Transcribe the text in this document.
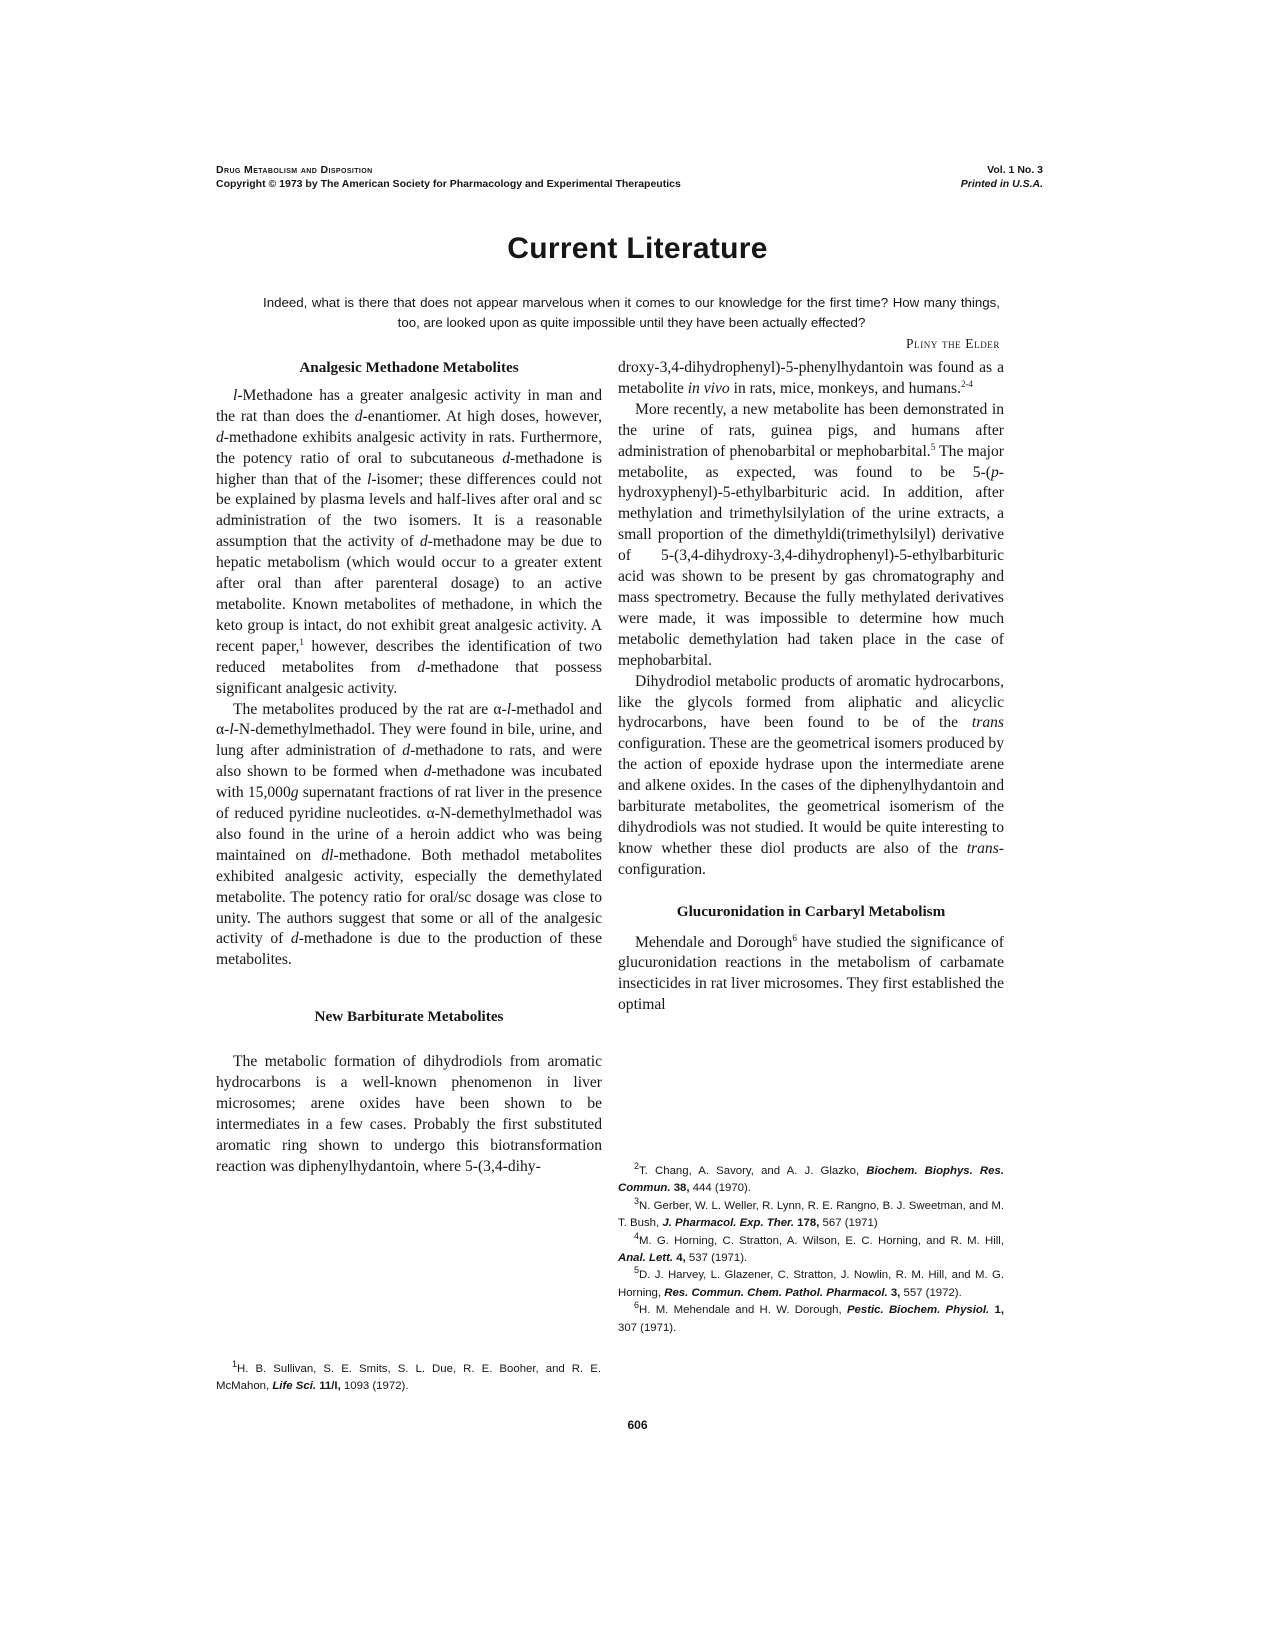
Drug Metabolism and Disposition
Copyright © 1973 by The American Society for Pharmacology and Experimental Therapeutics
Vol. 1 No. 3
Printed in U.S.A.
Current Literature
Indeed, what is there that does not appear marvelous when it comes to our knowledge for the first time? How many things, too, are looked upon as quite impossible until they have been actually effected?
Pliny the Elder
Analgesic Methadone Metabolites

l-Methadone has a greater analgesic activity in man and the rat than does the d-enantiomer. At high doses, however, d-methadone exhibits analgesic activity in rats. Furthermore, the potency ratio of oral to subcutaneous d-methadone is higher than that of the l-isomer; these differences could not be explained by plasma levels and half-lives after oral and sc administration of the two isomers. It is a reasonable assumption that the activity of d-methadone may be due to hepatic metabolism (which would occur to a greater extent after oral than after parenteral dosage) to an active metabolite. Known metabolites of methadone, in which the keto group is intact, do not exhibit great analgesic activity. A recent paper,$^1$ however, describes the identification of two reduced metabolites from d-methadone that possess significant analgesic activity.

The metabolites produced by the rat are α-l-methadol and α-l-N-demethylmethadol. They were found in bile, urine, and lung after administration of d-methadone to rats, and were also shown to be formed when d-methadone was incubated with 15,000g supernatant fractions of rat liver in the presence of reduced pyridine nucleotides. α-N-demethylmethadol was also found in the urine of a heroin addict who was being maintained on dl-methadone. Both methadol metabolites exhibited analgesic activity, especially the demethylated metabolite. The potency ratio for oral/sc dosage was close to unity. The authors suggest that some or all of the analgesic activity of d-methadone is due to the production of these metabolites.

New Barbiturate Metabolites

The metabolic formation of dihydrodiols from aromatic hydrocarbons is a well-known phenomenon in liver microsomes; arene oxides have been shown to be intermediates in a few cases. Probably the first substituted aromatic ring shown to undergo this biotransformation reaction was diphenylhydantoin, where 5-(3,4-dihy-

$^1$H. B. Sullivan, S. E. Smits, S. L. Due, R. E. Booher, and R. E. McMahon, Life Sci. 11/I, 1093 (1972).

droxy-3,4-dihydrophenyl)-5-phenylhydantoin was found as a metabolite in vivo in rats, mice, monkeys, and humans.$^{2-4}$

More recently, a new metabolite has been demonstrated in the urine of rats, guinea pigs, and humans after administration of phenobarbital or mephobarbital.$^5$ The major metabolite, as expected, was found to be 5-(p-hydroxyphenyl)-5-ethylbarbituric acid. In addition, after methylation and trimethylsilylation of the urine extracts, a small proportion of the dimethyldi(trimethylsilyl) derivative of 5-(3,4-dihydroxy-3,4-dihydrophenyl)-5-ethylbarbituric acid was shown to be present by gas chromatography and mass spectrometry. Because the fully methylated derivatives were made, it was impossible to determine how much metabolic demethylation had taken place in the case of mephobarbital.

Dihydrodiol metabolic products of aromatic hydrocarbons, like the glycols formed from aliphatic and alicyclic hydrocarbons, have been found to be of the trans configuration. These are the geometrical isomers produced by the action of epoxide hydrase upon the intermediate arene and alkene oxides. In the cases of the diphenylhydantoin and barbiturate metabolites, the geometrical isomerism of the dihydrodiols was not studied. It would be quite interesting to know whether these diol products are also of the trans-configuration.

Glucuronidation in Carbaryl Metabolism

Mehendale and Dorough$^6$ have studied the significance of glucuronidation reactions in the metabolism of carbamate insecticides in rat liver microsomes. They first established the optimal

$^2$T. Chang, A. Savory, and A. J. Glazko, Biochem. Biophys. Res. Commun. 38, 444 (1970).
$^3$N. Gerber, W. L. Weller, R. Lynn, R. E. Rangno, B. J. Sweetman, and M. T. Bush, J. Pharmacol. Exp. Ther. 178, 567 (1971)
$^4$M. G. Horning, C. Stratton, A. Wilson, E. C. Horning, and R. M. Hill, Anal. Lett. 4, 537 (1971).
$^5$D. J. Harvey, L. Glazener, C. Stratton, J. Nowlin, R. M. Hill, and M. G. Horning, Res. Commun. Chem. Pathol. Pharmacol. 3, 557 (1972).
$^6$H. M. Mehendale and H. W. Dorough, Pestic. Biochem. Physiol. 1, 307 (1971).
606
